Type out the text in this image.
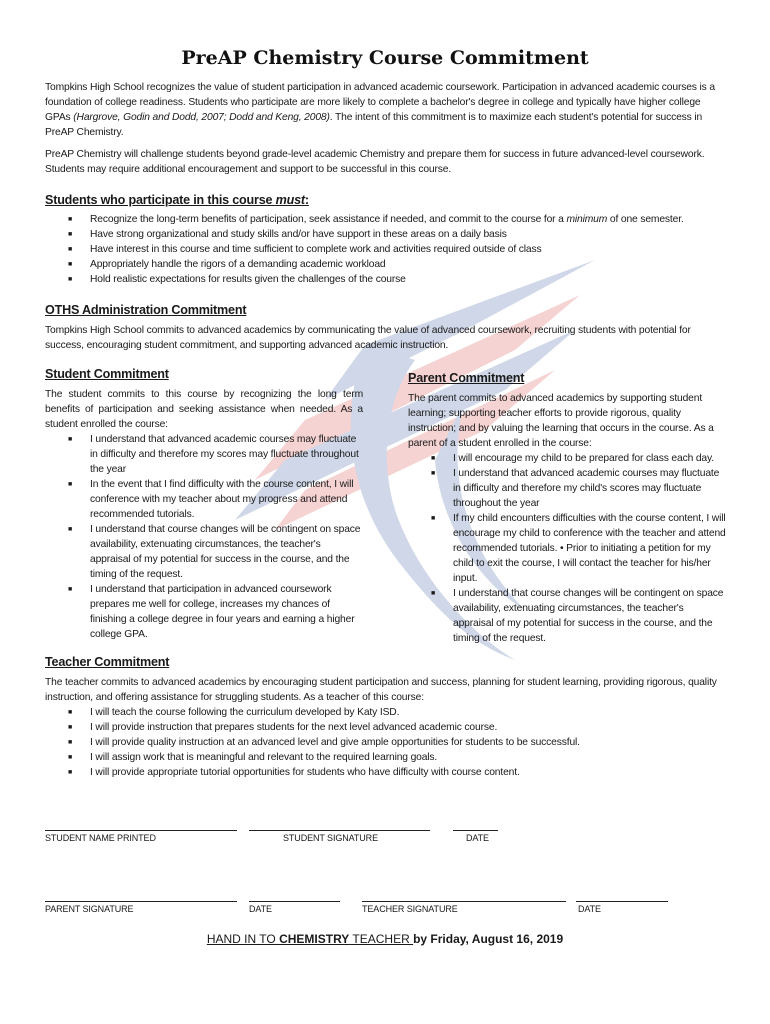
PreAP Chemistry Course Commitment

Tompkins High School recognizes the value of student participation in advanced academic coursework. Participation in advanced academic courses is a foundation of college readiness. Students who participate are more likely to complete a bachelor's degree in college and typically have higher college GPAs (Hargrove, Godin and Dodd, 2007; Dodd and Keng, 2008). The intent of this commitment is to maximize each student's potential for success in PreAP Chemistry.

PreAP Chemistry will challenge students beyond grade-level academic Chemistry and prepare them for success in future advanced-level coursework. Students may require additional encouragement and support to be successful in this course.

Students who participate in this course must:
■ Recognize the long-term benefits of participation, seek assistance if needed, and commit to the course for a minimum of one semester.
■ Have strong organizational and study skills and/or have support in these areas on a daily basis
■ Have interest in this course and time sufficient to complete work and activities required outside of class
■ Appropriately handle the rigors of a demanding academic workload
■ Hold realistic expectations for results given the challenges of the course
OTHS Administration Commitment

Tompkins High School commits to advanced academics by communicating the value of advanced coursework, recruiting students with potential for success, encouraging student commitment, and supporting advanced academic instruction.

Student Commitment

The student commits to this course by recognizing the long term benefits of participation and seeking assistance when needed. As a student enrolled the course:

■ I understand that advanced academic courses may fluctuate in difficulty and therefore my scores may fluctuate throughout the year
■ In the event that I find difficulty with the course content, I will conference with my teacher about my progress and attend recommended tutorials.
■ I understand that course changes will be contingent on space availability, extenuating circumstances, the teacher's appraisal of my potential for success in the course, and the timing of the request.
■ I understand that participation in advanced coursework prepares me well for college, increases my chances of finishing a college degree in four years and earning a higher college GPA.
Parent Commitment

The parent commits to advanced academics by supporting student learning; supporting teacher efforts to provide rigorous, quality instruction; and by valuing the learning that occurs in the course. As a parent of a student enrolled in the course:

■ I will encourage my child to be prepared for class each day.
■ I understand that advanced academic courses may fluctuate in difficulty and therefore my child's scores may fluctuate throughout the year
■ If my child encounters difficulties with the course content, I will encourage my child to conference with the teacher and attend recommended tutorials. • Prior to initiating a petition for my child to exit the course, I will contact the teacher for his/her input.
■ I understand that course changes will be contingent on space availability, extenuating circumstances, the teacher's appraisal of my potential for success in the course, and the timing of the request.
Teacher Commitment

The teacher commits to advanced academics by encouraging student participation and success, planning for student learning, providing rigorous, quality instruction, and offering assistance for struggling students. As a teacher of this course:

■ I will teach the course following the curriculum developed by Katy ISD.
■ I will provide instruction that prepares students for the next level advanced academic course.
■ I will provide quality instruction at an advanced level and give ample opportunities for students to be successful.
■ I will assign work that is meaningful and relevant to the required learning goals.
■ I will provide appropriate tutorial opportunities for students who have difficulty with course content.
STUDENT NAME PRINTED	STUDENT SIGNATURE	DATE
PARENT SIGNATURE	DATE	TEACHER SIGNATURE	DATE
HAND IN TO CHEMISTRY TEACHER by Friday, August 16, 2019
